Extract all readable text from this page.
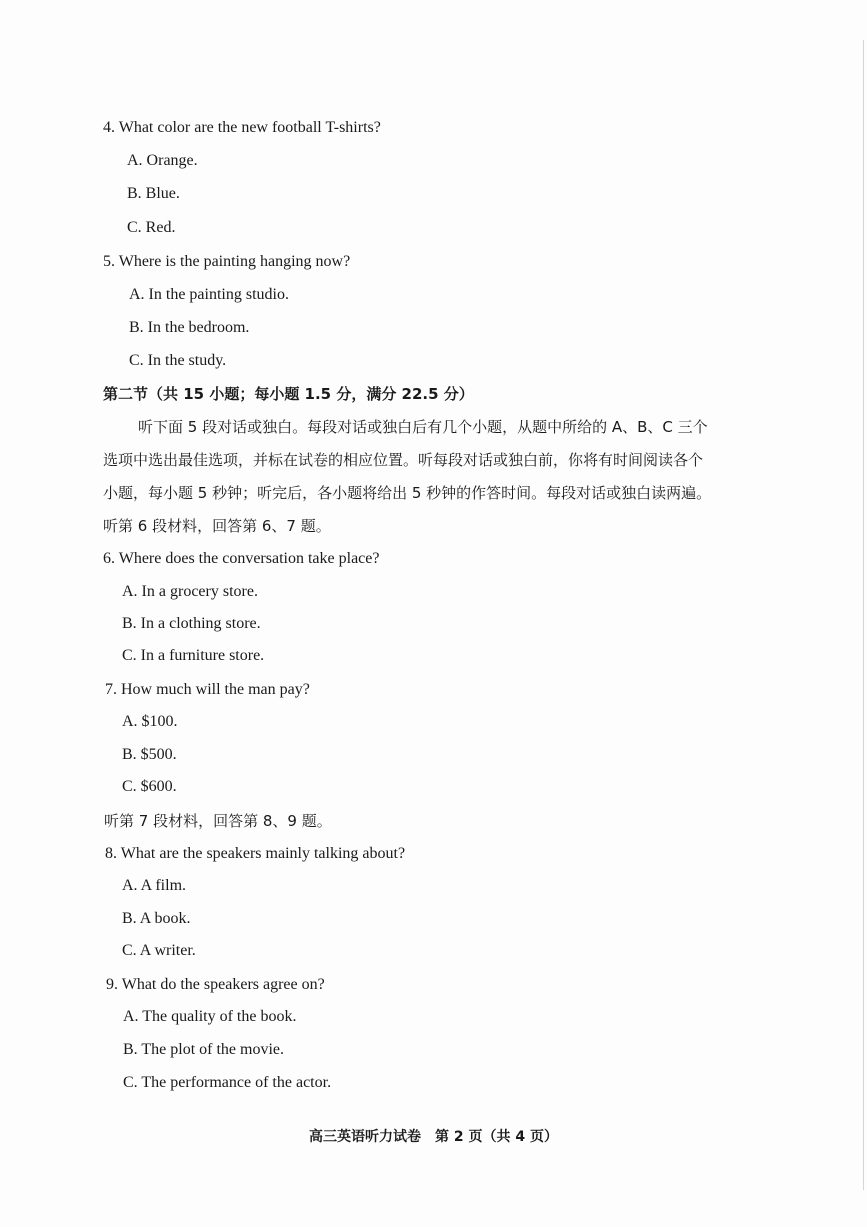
4. What color are the new football T-shirts?
A. Orange.
B. Blue.
C. Red.
5. Where is the painting hanging now?
A. In the painting studio.
B. In the bedroom.
C. In the study.
第二节（共 15 小题；每小题 1.5 分，满分 22.5 分）
听下面 5 段对话或独白。每段对话或独白后有几个小题，从题中所给的 A、B、C 三个
选项中选出最佳选项，并标在试卷的相应位置。听每段对话或独白前，你将有时间阅读各个
小题，每小题 5 秒钟；听完后，各小题将给出 5 秒钟的作答时间。每段对话或独白读两遍。
听第 6 段材料，回答第 6、7 题。
6. Where does the conversation take place?
A. In a grocery store.
B. In a clothing store.
C. In a furniture store.
7. How much will the man pay?
A. $100.
B. $500.
C. $600.
听第 7 段材料，回答第 8、9 题。
8. What are the speakers mainly talking about?
A. A film.
B. A book.
C. A writer.
9. What do the speakers agree on?
A. The quality of the book.
B. The plot of the movie.
C. The performance of the actor.
高三英语听力试卷　第 2 页（共 4 页）
